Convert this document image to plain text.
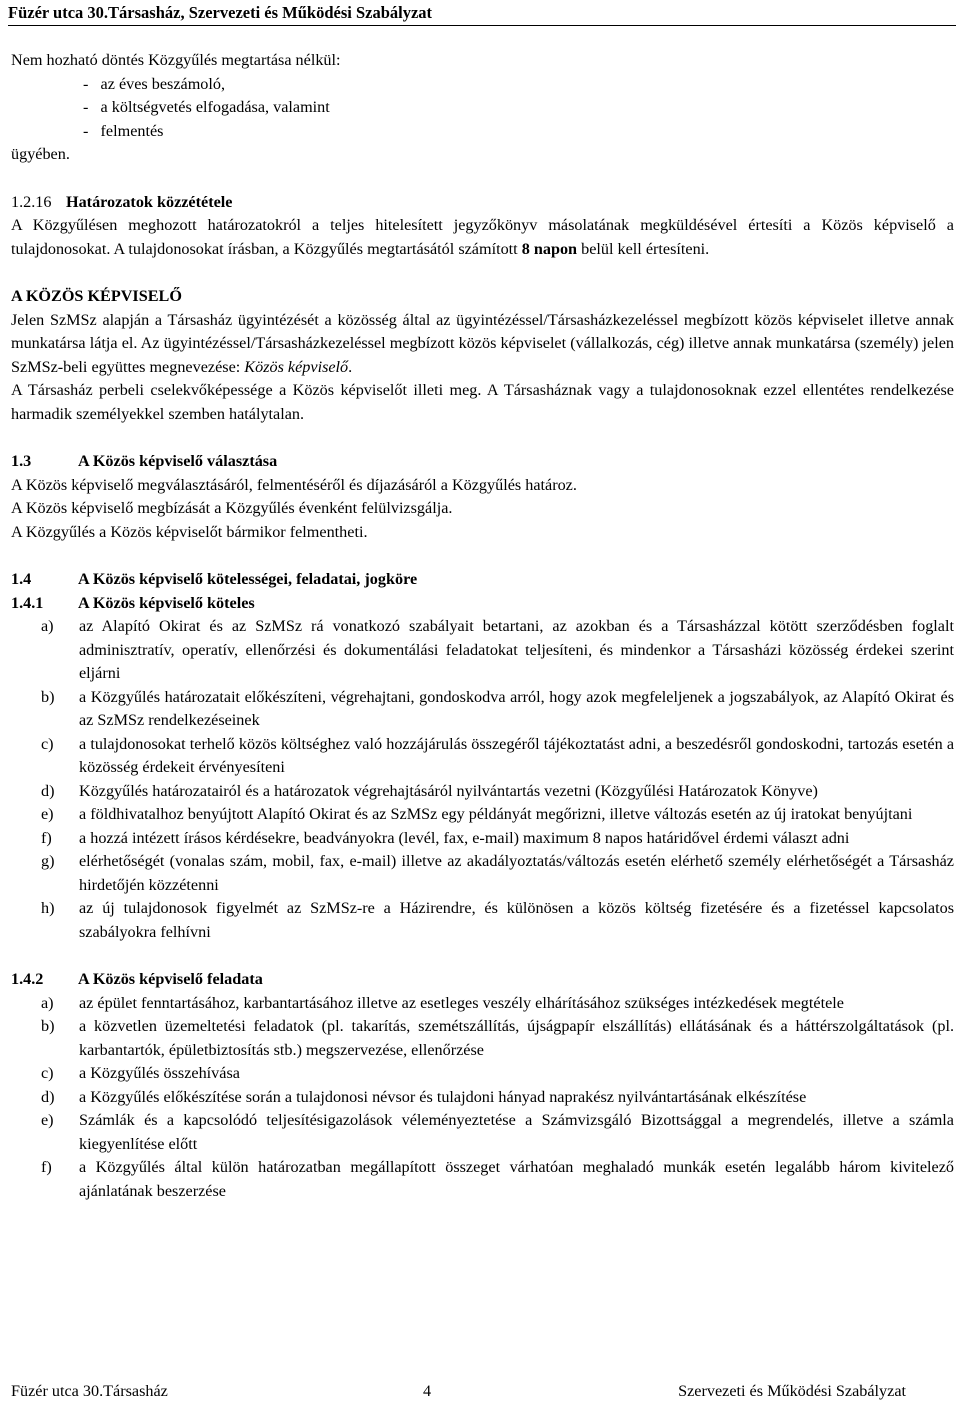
Füzér utca 30.Társasház, Szervezeti és Működési Szabályzat

Nem hozható döntés Közgyűlés megtartása nélkül:

-   az éves beszámoló,

-   a költségvetés elfogadása, valamint

-   felmentés

ügyében.

1.2.16 Határozatok közzététele

A Közgyűlésen meghozott határozatokról a teljes hitelesített jegyzőkönyv másolatának megküldésével értesíti a Közös képviselő a tulajdonosokat. A tulajdonosokat írásban, a Közgyűlés megtartásától számított 8 napon belül kell értesíteni.

A KÖZÖS KÉPVISELŐ

Jelen SzMSz alapján a Társasház ügyintézését a közösség által az ügyintézéssel/Társasházkezeléssel megbízott közös képviselet illetve annak munkatársa látja el. Az ügyintézéssel/Társasházkezeléssel megbízott közös képviselet (vállalkozás, cég) illetve annak munkatársa (személy) jelen SzMSz-beli együttes megnevezése: Közös képviselő.

A Társasház perbeli cselekvőképessége a Közös képviselőt illeti meg. A Társasháznak vagy a tulajdonosoknak ezzel ellentétes rendelkezése harmadik személyekkel szemben hatálytalan.

1.3	A Közös képviselő választása

A Közös képviselő megválasztásáról, felmentéséről és díjazásáról a Közgyűlés határoz.

A Közös képviselő megbízását a Közgyűlés évenként felülvizsgálja.

A Közgyűlés a Közös képviselőt bármikor felmentheti.

1.4	A Közös képviselő kötelességei, feladatai, jogköre
1.4.1	A Közös képviselő köteles
a)	az Alapító Okirat és az SzMSz rá vonatkozó szabályait betartani, az azokban és a Társasházzal kötött szerződésben foglalt adminisztratív, operatív, ellenőrzési és dokumentálási feladatokat teljesíteni, és mindenkor a Társasházi közösség érdekei szerint eljárni
b)	a Közgyűlés határozatait előkészíteni, végrehajtani, gondoskodva arról, hogy azok megfeleljenek a jogszabályok, az Alapító Okirat és az SzMSz rendelkezéseinek
c)	a tulajdonosokat terhelő közös költséghez való hozzájárulás összegéről tájékoztatást adni, a beszedésről gondoskodni, tartozás esetén a közösség érdekeit érvényesíteni
d)	Közgyűlés határozatairól és a határozatok végrehajtásáról nyilvántartás vezetni (Közgyűlési Határozatok Könyve)
e)	a földhivatalhoz benyújtott Alapító Okirat és az SzMSz egy példányát megőrizni, illetve változás esetén az új iratokat benyújtani
f)	a hozzá intézett írásos kérdésekre, beadványokra (levél, fax, e-mail) maximum 8 napos határidővel érdemi választ adni
g)	elérhetőségét (vonalas szám, mobil, fax, e-mail) illetve az akadályoztatás/változás esetén elérhető személy elérhetőségét a Társasház hirdetőjén közzétenni
h)	az új tulajdonosok figyelmét az SzMSz-re a Házirendre, és különösen a közös költség fizetésére és a fizetéssel kapcsolatos szabályokra felhívni
1.4.2	A Közös képviselő feladata
a)	az épület fenntartásához, karbantartásához illetve az esetleges veszély elhárításához szükséges intézkedések megtétele
b)	a közvetlen üzemeltetési feladatok (pl. takarítás, szemétszállítás, újságpapír elszállítás) ellátásának és a háttérszolgáltatások (pl. karbantartók, épületbiztosítás stb.) megszervezése, ellenőrzése
c)	a Közgyűlés összehívása
d)	a Közgyűlés előkészítése során a tulajdonosi névsor és tulajdoni hányad naprakész nyilvántartásának elkészítése
e)	Számlák és a kapcsolódó teljesítésigazolások véleményeztetése a Számvizsgáló Bizottsággal a megrendelés, illetve a számla kiegyenlítése előtt
f)	a Közgyűlés által külön határozatban megállapított összeget várhatóan meghaladó munkák esetén legalább három kivitelező ajánlatának beszerzése
Füzér utca 30.Társasház	4	Szervezeti és Működési Szabályzat
